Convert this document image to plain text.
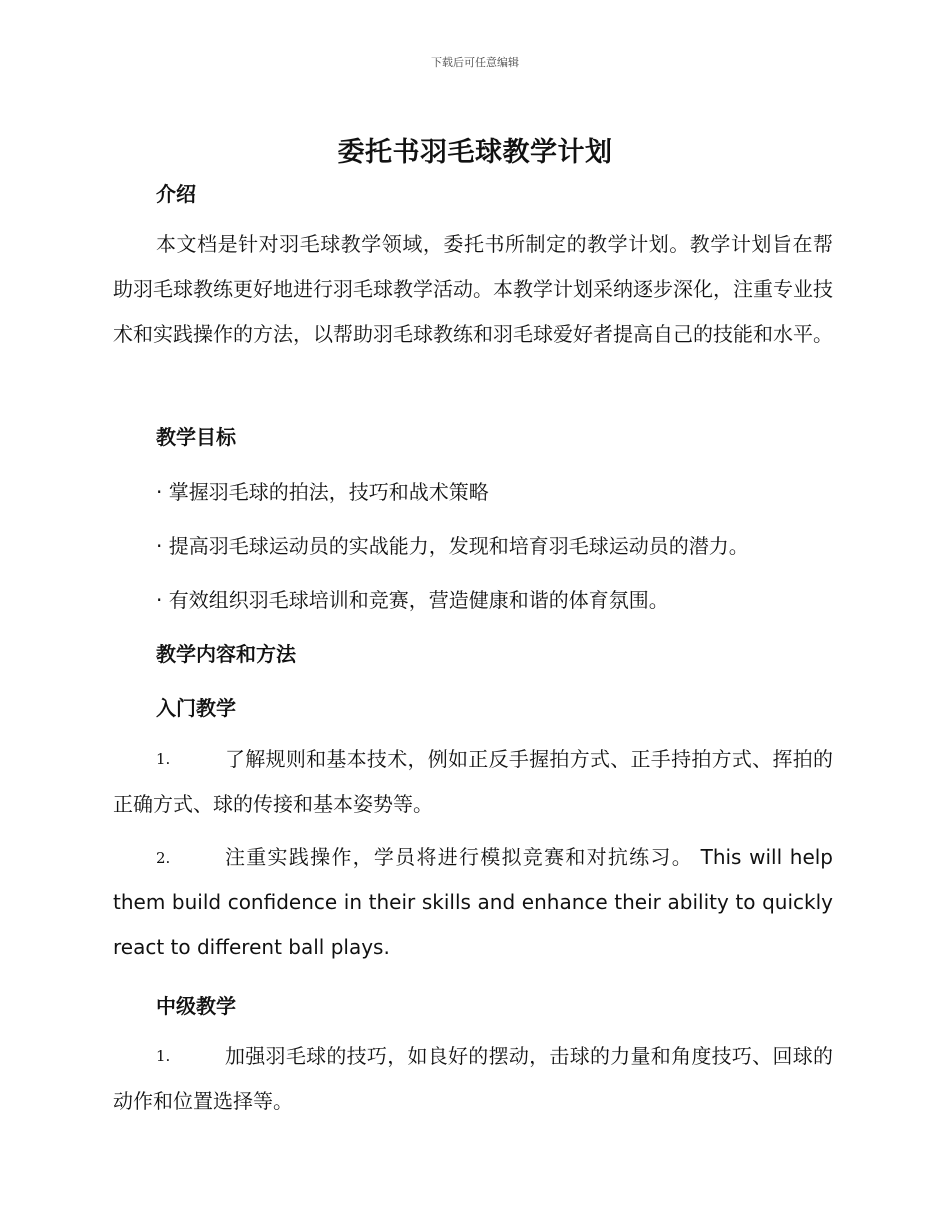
下载后可任意编辑
委托书羽毛球教学计划
介绍
本文档是针对羽毛球教学领域，委托书所制定的教学计划。教学计划旨在帮助羽毛球教练更好地进行羽毛球教学活动。本教学计划采纳逐步深化，注重专业技术和实践操作的方法，以帮助羽毛球教练和羽毛球爱好者提高自己的技能和水平。
教学目标
· 掌握羽毛球的拍法，技巧和战术策略
· 提高羽毛球运动员的实战能力，发现和培育羽毛球运动员的潜力。
· 有效组织羽毛球培训和竞赛，营造健康和谐的体育氛围。
教学内容和方法
入门教学
1.	了解规则和基本技术，例如正反手握拍方式、正手持拍方式、挥拍的正确方式、球的传接和基本姿势等。
2.	注重实践操作，学员将进行模拟竞赛和对抗练习。 This will help them build confidence in their skills and enhance their ability to quickly react to different ball plays.
中级教学
1.	加强羽毛球的技巧，如良好的摆动，击球的力量和角度技巧、回球的动作和位置选择等。
